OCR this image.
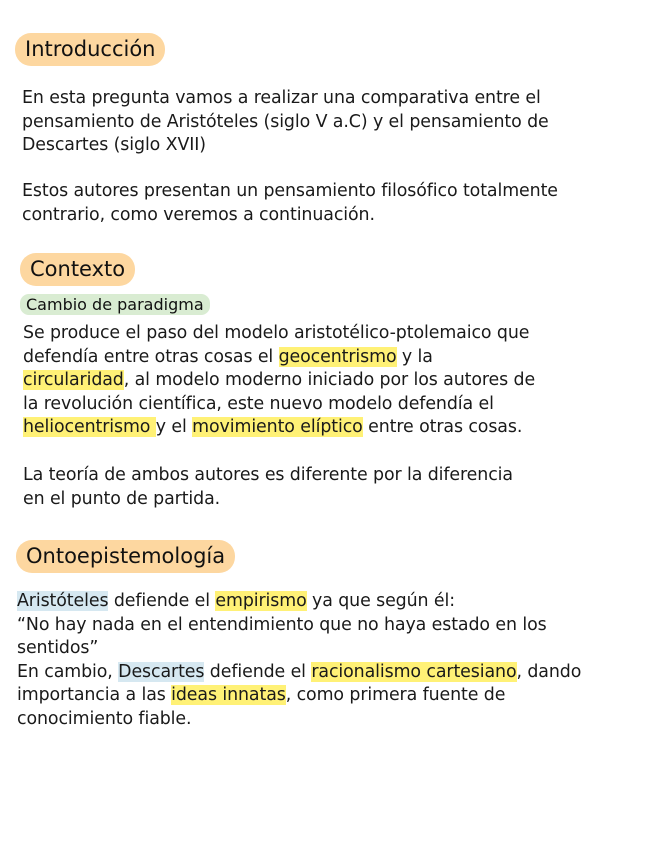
Introducción

En esta pregunta vamos a realizar una comparativa entre el
pensamiento de Aristóteles (siglo V a.C) y el pensamiento de
Descartes (siglo XVII)

Estos autores presentan un pensamiento filosófico totalmente
contrario, como veremos a continuación.

Contexto
Cambio de paradigma

Se produce el paso del modelo aristotélico-ptolemaico que
defendía entre otras cosas el geocentrismo y la
circularidad, al modelo moderno iniciado por los autores de
la revolución científica, este nuevo modelo defendía el
heliocentrismo y el movimiento elíptico entre otras cosas.

La teoría de ambos autores es diferente por la diferencia
en el punto de partida.

Ontoepistemología

Aristóteles defiende el empirismo ya que según él:
“No hay nada en el entendimiento que no haya estado en los
sentidos”
En cambio, Descartes defiende el racionalismo cartesiano, dando
importancia a las ideas innatas, como primera fuente de
conocimiento fiable.
